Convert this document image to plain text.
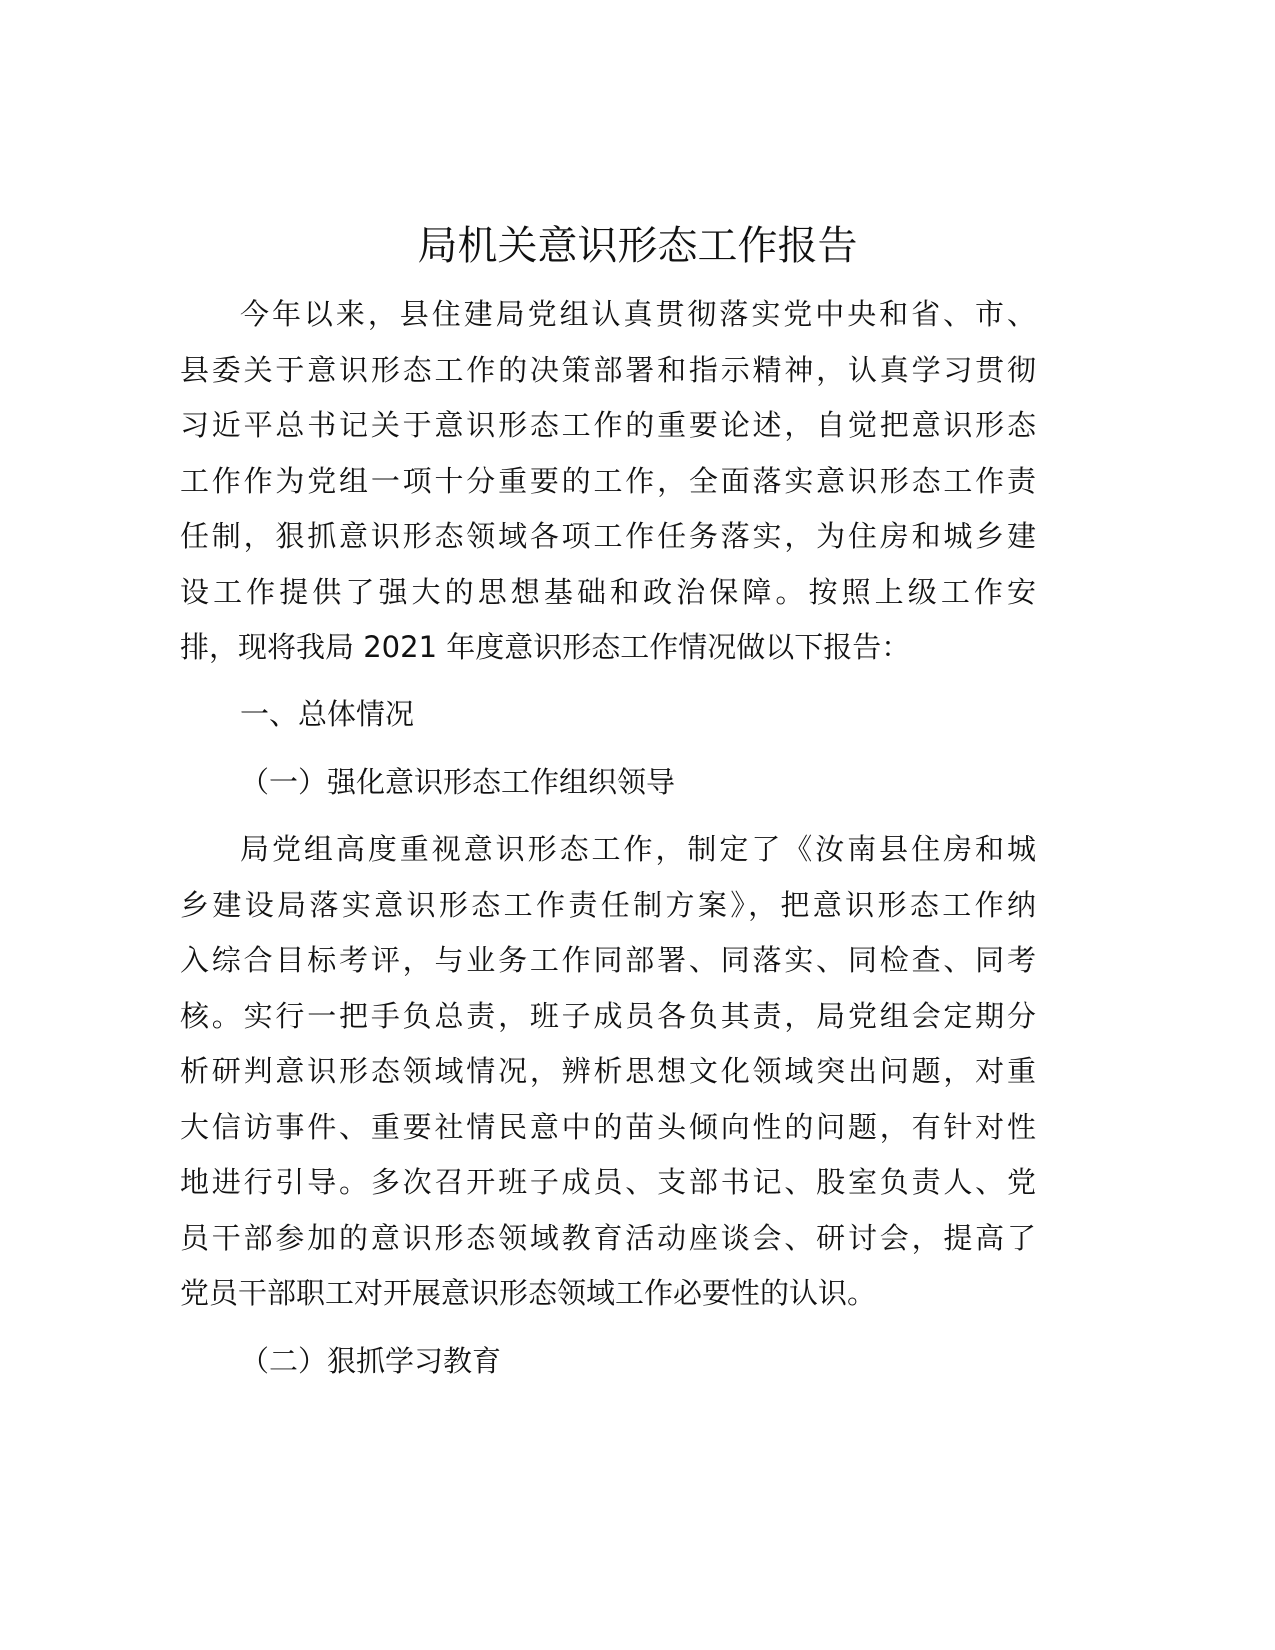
局机关意识形态工作报告
今年以来，县住建局党组认真贯彻落实党中央和省、市、
县委关于意识形态工作的决策部署和指示精神，认真学习贯彻
习近平总书记关于意识形态工作的重要论述，自觉把意识形态
工作作为党组一项十分重要的工作，全面落实意识形态工作责
任制，狠抓意识形态领域各项工作任务落实，为住房和城乡建
设工作提供了强大的思想基础和政治保障。按照上级工作安
排，现将我局 2021 年度意识形态工作情况做以下报告：
一、总体情况
（一）强化意识形态工作组织领导
局党组高度重视意识形态工作，制定了《汝南县住房和城
乡建设局落实意识形态工作责任制方案》，把意识形态工作纳
入综合目标考评，与业务工作同部署、同落实、同检查、同考
核。实行一把手负总责，班子成员各负其责，局党组会定期分
析研判意识形态领域情况，辨析思想文化领域突出问题，对重
大信访事件、重要社情民意中的苗头倾向性的问题，有针对性
地进行引导。多次召开班子成员、支部书记、股室负责人、党
员干部参加的意识形态领域教育活动座谈会、研讨会，提高了
党员干部职工对开展意识形态领域工作必要性的认识。
（二）狠抓学习教育
